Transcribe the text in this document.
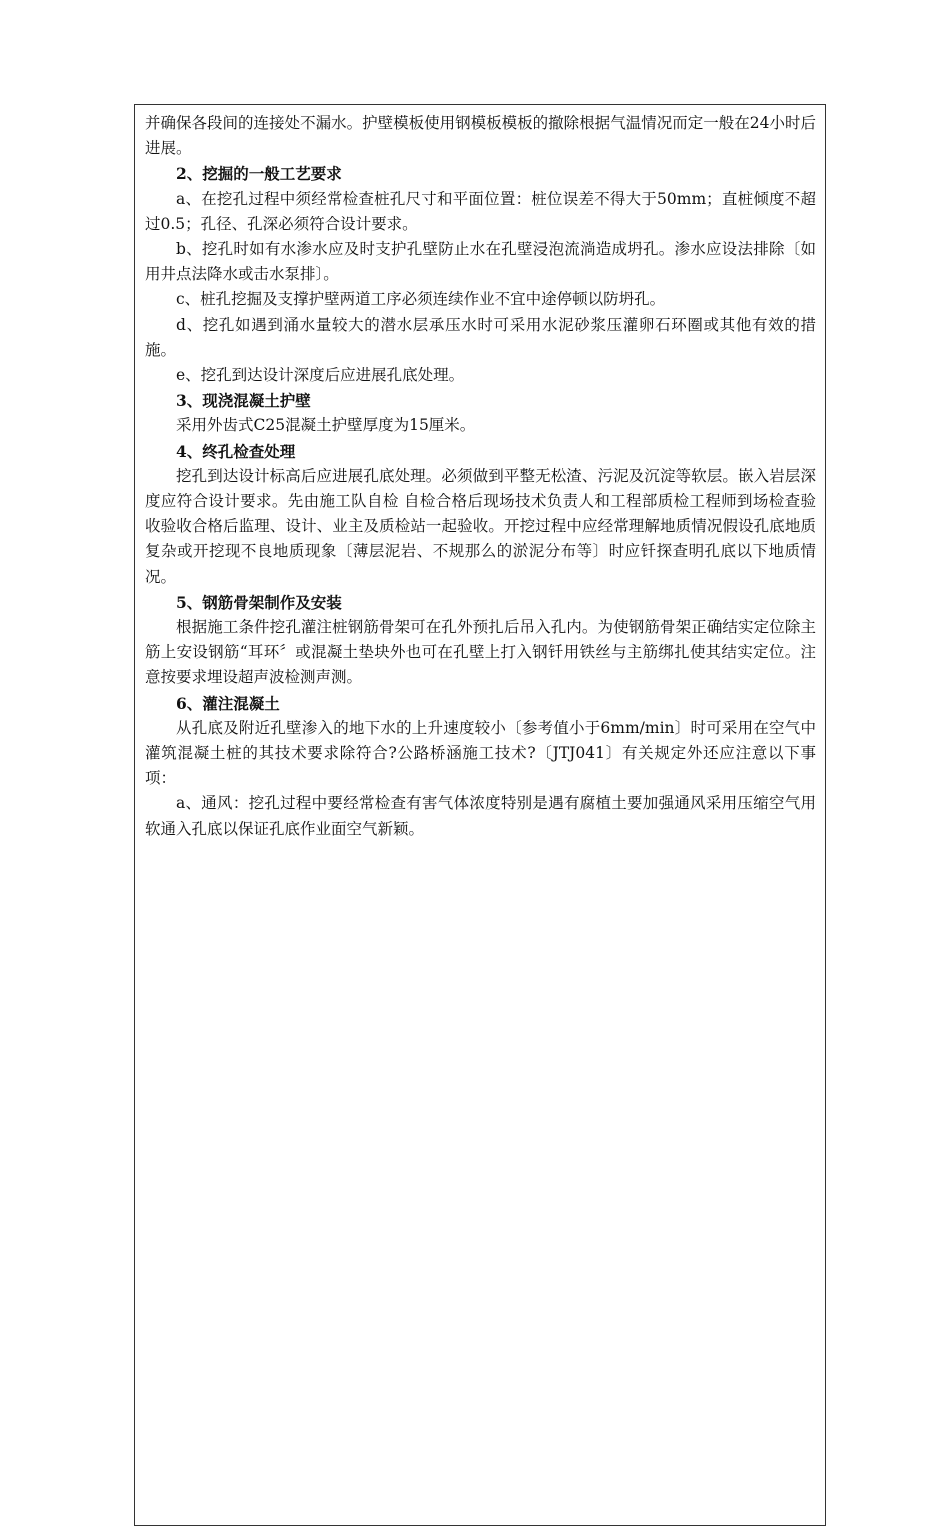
并确保各段间的连接处不漏水。护壁模板使用钢模板模板的撤除根据气温情况而定一般在24小时后进展。

2、挖掘的一般工艺要求

a、在挖孔过程中须经常检查桩孔尺寸和平面位置：桩位误差不得大于50mm；直桩倾度不超过0.5；孔径、孔深必须符合设计要求。

b、挖孔时如有水渗水应及时支护孔壁防止水在孔壁浸泡流淌造成坍孔。渗水应设法排除〔如用井点法降水或击水泵排〕。

c、桩孔挖掘及支撑护壁两道工序必须连续作业不宜中途停顿以防坍孔。

d、挖孔如遇到涌水量较大的潜水层承压水时可采用水泥砂浆压灌卵石环圈或其他有效的措施。

e、挖孔到达设计深度后应进展孔底处理。

3、现浇混凝土护壁

采用外齿式C25混凝土护壁厚度为15厘米。

4、终孔检查处理

挖孔到达设计标高后应进展孔底处理。必须做到平整无松渣、污泥及沉淀等软层。嵌入岩层深度应符合设计要求。先由施工队自检 自检合格后现场技术负责人和工程部质检工程师到场检查验收验收合格后监理、设计、业主及质检站一起验收。开挖过程中应经常理解地质情况假设孔底地质复杂或开挖现不良地质现象〔薄层泥岩、不规那么的淤泥分布等〕时应钎探查明孔底以下地质情况。

5、钢筋骨架制作及安装

根据施工条件挖孔灌注桩钢筋骨架可在孔外预扎后吊入孔内。为使钢筋骨架正确结实定位除主筋上安设钢筋“耳环〞或混凝土垫块外也可在孔壁上打入钢钎用铁丝与主筋绑扎使其结实定位。注意按要求埋设超声波检测声测。

6、灌注混凝土

从孔底及附近孔壁渗入的地下水的上升速度较小〔参考值小于6mm/min〕时可采用在空气中灌筑混凝土桩的其技术要求除符合?公路桥涵施工技术?〔JTJ041〕有关规定外还应注意以下事项：

a、通风：挖孔过程中要经常检查有害气体浓度特别是遇有腐植土要加强通风采用压缩空气用软通入孔底以保证孔底作业面空气新颖。
